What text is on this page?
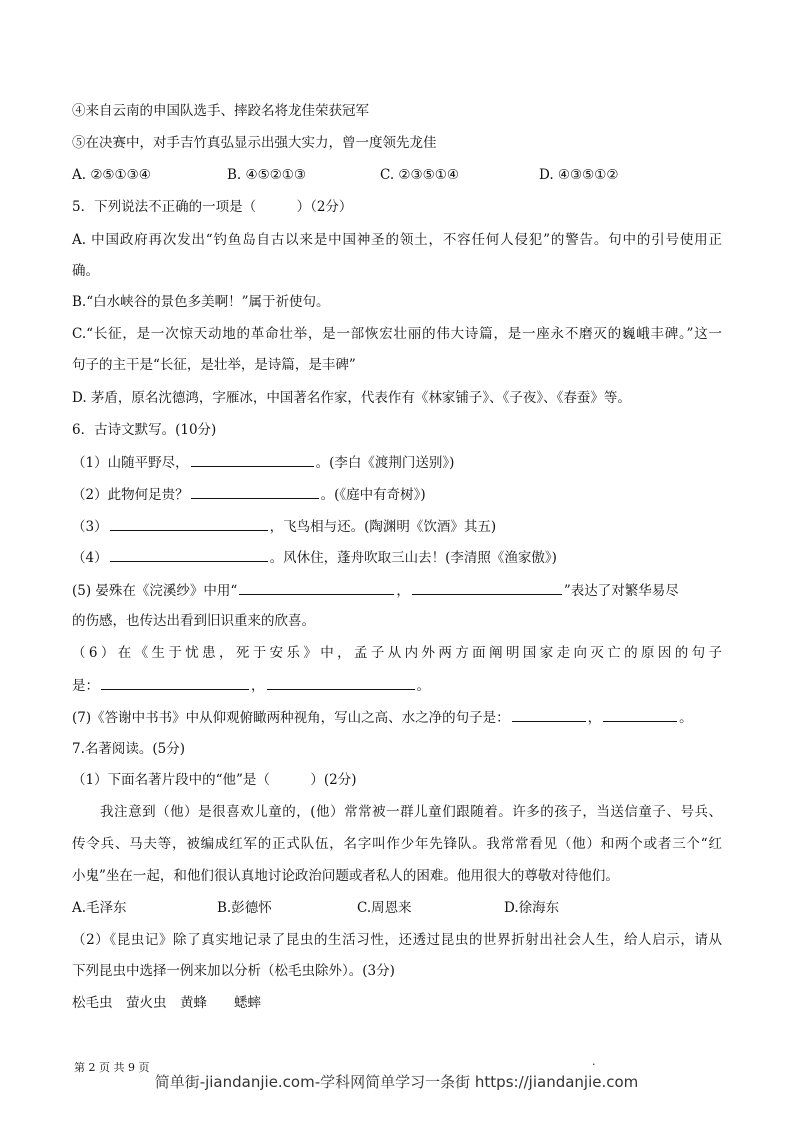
④来自云南的申国队选手、摔跤名将龙佳荣获冠军
⑤在决赛中，对手吉竹真弘显示出强大实力，曾一度领先龙佳
A. ②⑤①③④	B. ④⑤②①③	C. ②③⑤①④	D. ④③⑤①②
5．下列说法不正确的一项是（　　　）（2分）
A. 中国政府再次发出“钓鱼岛自古以来是中国神圣的领土，不容任何人侵犯”的警告。句中的引号使用正
确。
B.“白水峡谷的景色多美啊！”属于祈使句。
C.“长征，是一次惊天动地的革命壮举，是一部恢宏壮丽的伟大诗篇，是一座永不磨灭的巍峨丰碑。”这一
句子的主干是“长征，是壮举，是诗篇，是丰碑”
D. 茅盾，原名沈德鸿，字雁冰，中国著名作家，代表作有《林家铺子》、《子夜》、《春蚕》等。
6．古诗文默写。(10分)
（1）山随平野尽，	。(李白《渡荆门送别》)
（2）此物何足贵？	。(《庭中有奇树》)
（3）	，飞鸟相与还。(陶渊明《饮酒》其五)
（4）	。风休住，蓬舟吹取三山去！(李清照《渔家傲》)
(5) 晏殊在《浣溪纱》中用“	，	”表达了对繁华易尽
的伤感，也传达出看到旧识重来的欣喜。
（6）在《生于忧患，死于安乐》中，孟子从内外两方面阐明国家走向灭亡的原因的句子
是：	，	。
(7)《答谢中书书》中从仰观俯瞰两种视角，写山之高、水之净的句子是：	，	。
7.名著阅读。(5分)
（1）下面名著片段中的“他”是（　　　）(2分)
　　我注意到（他）是很喜欢儿童的，(他）常常被一群儿童们跟随着。许多的孩子，当送信童子、号兵、
传令兵、马夫等，被编成红军的正式队伍，名字叫作少年先锋队。我常常看见（他）和两个或者三个“红
小鬼”坐在一起，和他们很认真地讨论政治问题或者私人的困难。他用很大的尊敬对待他们。
A.毛泽东	B.彭德怀	C.周恩来	D.徐海东
（2）《昆虫记》除了真实地记录了昆虫的生活习性，还透过昆虫的世界折射出社会人生，给人启示，请从
下列昆虫中选择一例来加以分析（松毛虫除外）。(3分)
松毛虫　萤火虫　黄蜂　　蟋蟀
第 2 页 共 9 页	.
简单街-jiandanjie.com-学科网简单学习一条街 https://jiandanjie.com
